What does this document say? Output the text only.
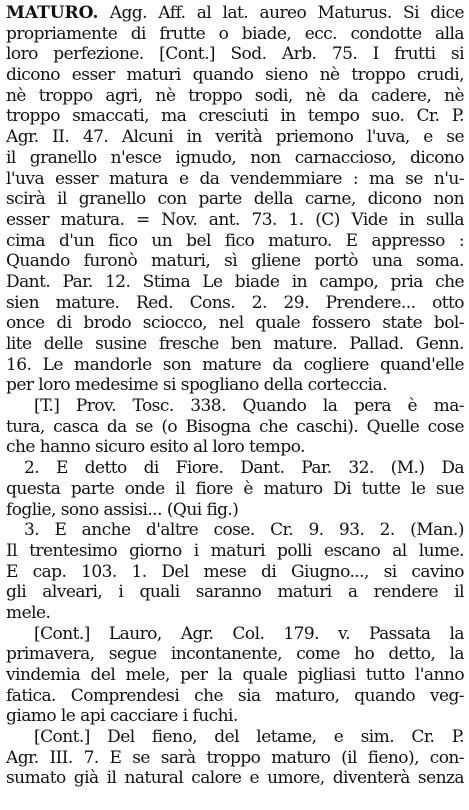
MATURO. Agg. Aff. al lat. aureo Maturus. Si dice
propriamente di frutte o biade, ecc. condotte alla
loro perfezione. [Cont.] Sod. Arb. 75. I frutti si
dicono esser maturi quando sieno nè troppo crudi,
nè troppo agri, nè troppo sodi, nè da cadere, nè
troppo smaccati, ma cresciuti in tempo suo. Cr. P.
Agr. II. 47. Alcuni in verità priemono l'uva, e se
il granello n'esce ignudo, non carnaccioso, dicono
l'uva esser matura e da vendemmiare : ma se n'u-
scirà il granello con parte della carne, dicono non
esser matura. = Nov. ant. 73. 1. (C) Vide in sulla
cima d'un fico un bel fico maturo. E appresso :
Quando furonò maturi, sì gliene portò una soma.
Dant. Par. 12. Stima Le biade in campo, pria che
sien mature. Red. Cons. 2. 29. Prendere... otto
once di brodo sciocco, nel quale fossero state bol-
lite delle susine fresche ben mature. Pallad. Genn.
16. Le mandorle son mature da cogliere quand'elle
per loro medesime si spogliano della corteccia.
[T.] Prov. Tosc. 338. Quando la pera è ma-
tura, casca da se (o Bisogna che caschi). Quelle cose
che hanno sicuro esito al loro tempo.
2. E detto di Fiore. Dant. Par. 32. (M.) Da
questa parte onde il fiore è maturo Di tutte le sue
foglie, sono assisi... (Qui fig.)
3. E anche d'altre cose. Cr. 9. 93. 2. (Man.)
Il trentesimo giorno i maturi polli escano al lume.
E cap. 103. 1. Del mese di Giugno..., si cavino
gli alveari, i quali saranno maturi a rendere il
mele.
[Cont.] Lauro, Agr. Col. 179. v. Passata la
primavera, segue incontanente, come ho detto, la
vindemia del mele, per la quale pigliasi tutto l'anno
fatica. Comprendesi che sia maturo, quando veg-
giamo le api cacciare i fuchi.
[Cont.] Del fieno, del letame, e sim. Cr. P.
Agr. III. 7. E se sarà troppo maturo (il fieno), con-
sumato già il natural calore e umore, diventerà senza
